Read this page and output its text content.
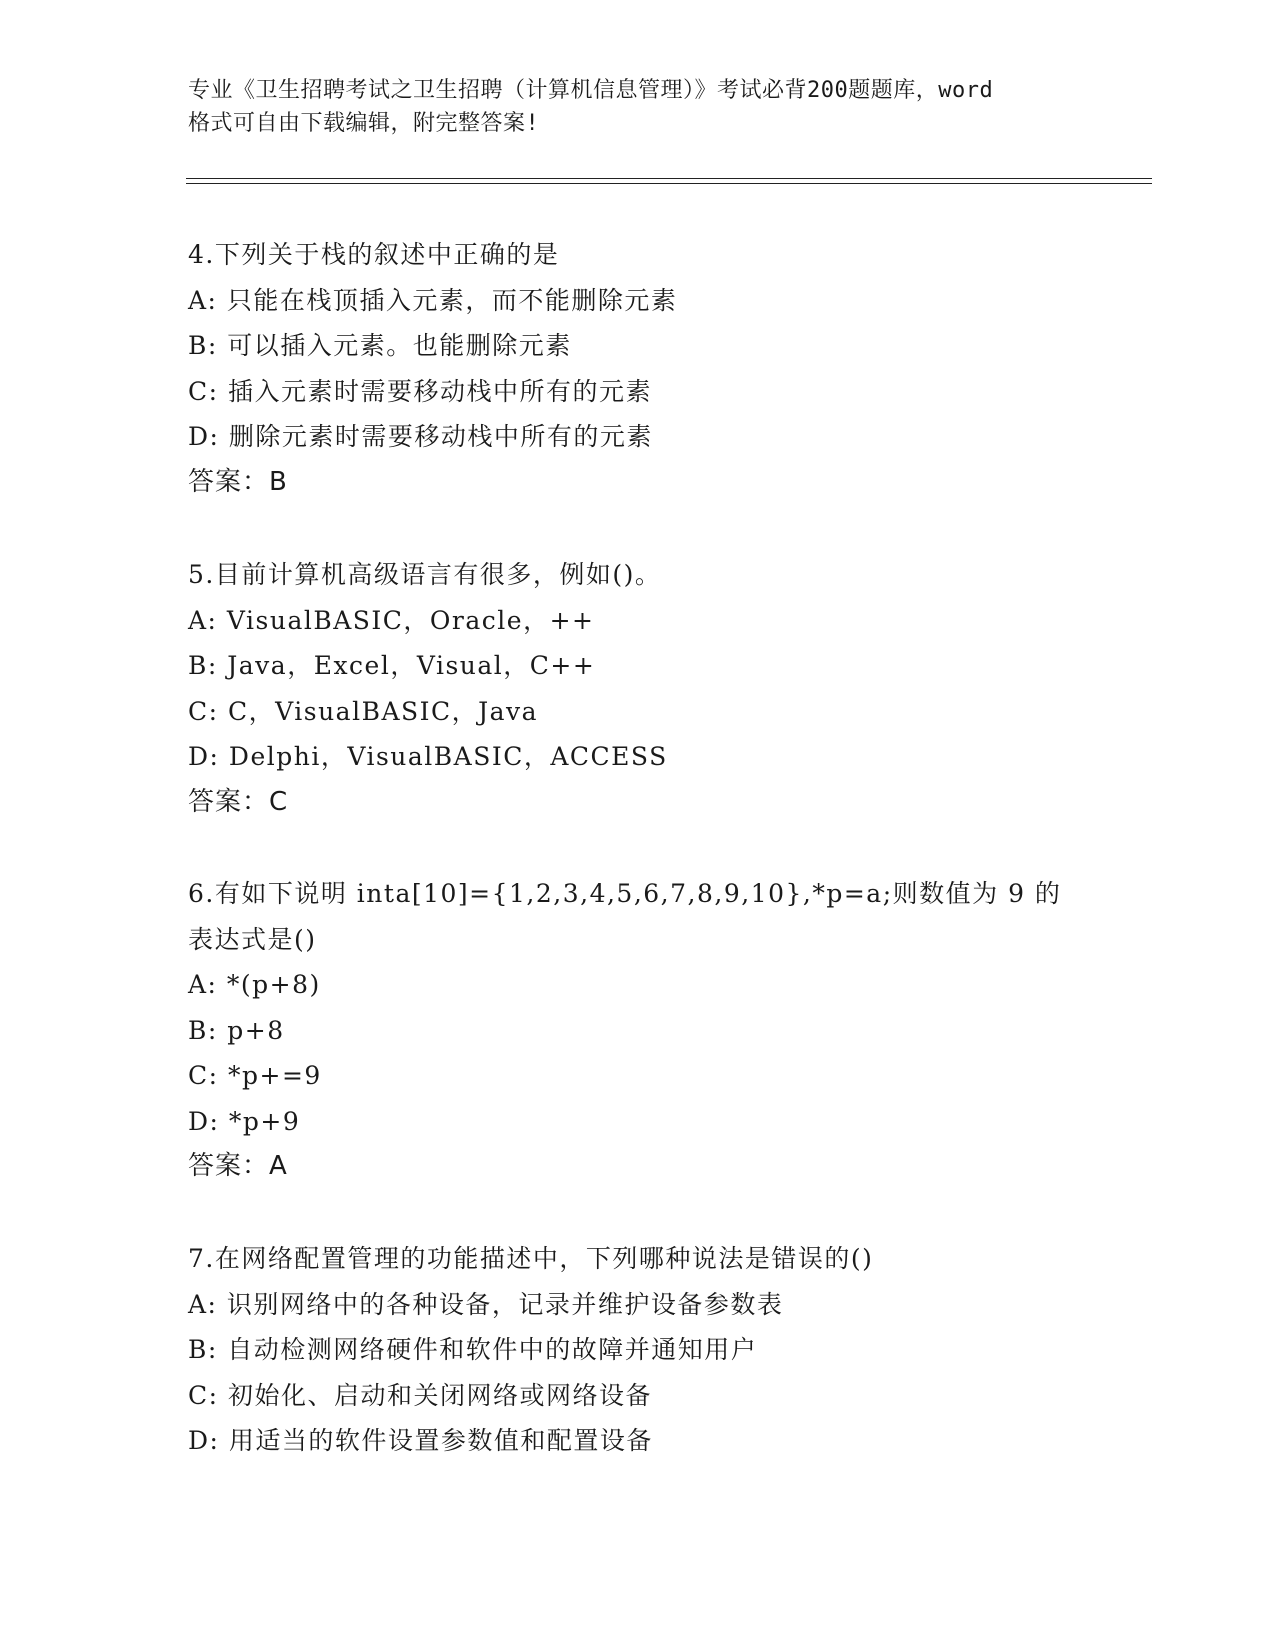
专业《卫生招聘考试之卫生招聘（计算机信息管理）》考试必背200题题库，word
格式可自由下载编辑，附完整答案!
4.下列关于栈的叙述中正确的是
A: 只能在栈顶插入元素，而不能删除元素
B: 可以插入元素。也能删除元素
C: 插入元素时需要移动栈中所有的元素
D: 删除元素时需要移动栈中所有的元素
答案：B
5.目前计算机高级语言有很多，例如()。
A: VisualBASIC，Oracle，++
B: Java，Excel，Visual，C++
C: C，VisualBASIC，Java
D: Delphi，VisualBASIC，ACCESS
答案：C
6.有如下说明 inta[10]={1,2,3,4,5,6,7,8,9,10},*p=a;则数值为 9 的
表达式是()
A: *(p+8)
B: p+8
C: *p+=9
D: *p+9
答案：A
7.在网络配置管理的功能描述中，下列哪种说法是错误的()
A: 识别网络中的各种设备，记录并维护设备参数表
B: 自动检测网络硬件和软件中的故障并通知用户
C: 初始化、启动和关闭网络或网络设备
D: 用适当的软件设置参数值和配置设备
